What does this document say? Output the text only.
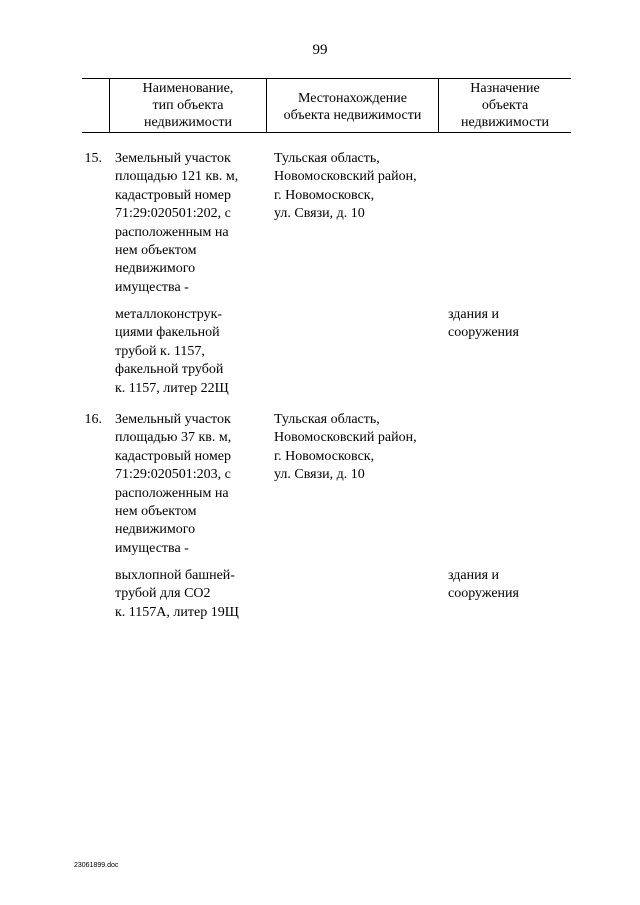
99
Наименование,
тип объекта
недвижимости
Местонахождение
объекта недвижимости
Назначение
объекта
недвижимости
15. Земельный участок
площадью 121 кв. м,
кадастровый номер
71:29:020501:202, с
расположенным на
нем объектом
недвижимого
имущества -
Тульская область,
Новомосковский район,
г. Новомосковск,
ул. Связи, д. 10
металлоконструк-
циями факельной
трубой к. 1157,
факельной трубой
к. 1157, литер 22Щ
здания и
сооружения
16. Земельный участок
площадью 37 кв. м,
кадастровый номер
71:29:020501:203, с
расположенным на
нем объектом
недвижимого
имущества -
Тульская область,
Новомосковский район,
г. Новомосковск,
ул. Связи, д. 10
выхлопной башней-
трубой для СО2
к. 1157А, литер 19Щ
здания и
сооружения
23061899.doc
